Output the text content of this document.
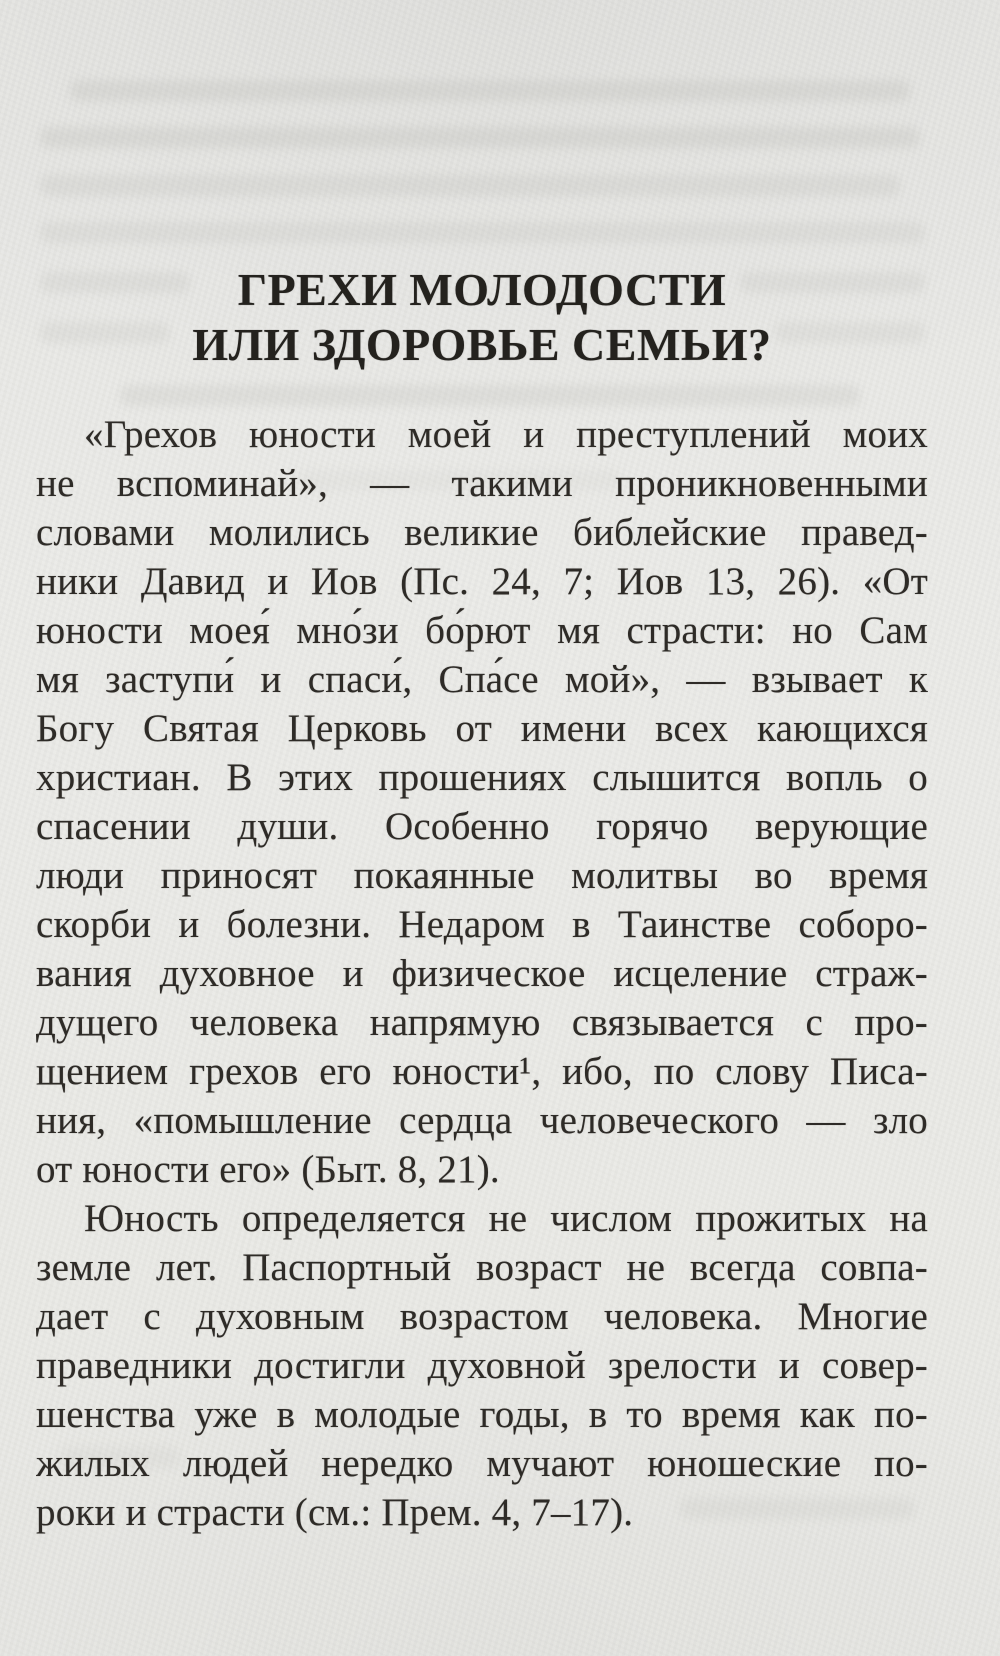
ГРЕХИ МОЛОДОСТИ
ИЛИ ЗДОРОВЬЕ СЕМЬИ?
«Грехов юности моей и преступлений моих
не вспоминай», — такими проникновенными
словами молились великие библейские правед-
ники Давид и Иов (Пс. 24, 7; Иов 13, 26). «От
юности моея́ мно́зи бо́рют мя страсти: но Сам
мя заступи́ и спаси́, Спа́се мой», — взывает к
Богу Святая Церковь от имени всех кающихся
христиан. В этих прошениях слышится вопль о
спасении души. Особенно горячо верующие
люди приносят покаянные молитвы во время
скорби и болезни. Недаром в Таинстве соборо-
вания духовное и физическое исцеление страж-
дущего человека напрямую связывается с про-
щением грехов его юности¹, ибо, по слову Писа-
ния, «помышление сердца человеческого — зло
от юности его» (Быт. 8, 21).
Юность определяется не числом прожитых на
земле лет. Паспортный возраст не всегда совпа-
дает с духовным возрастом человека. Многие
праведники достигли духовной зрелости и совер-
шенства уже в молодые годы, в то время как по-
жилых людей нередко мучают юношеские по-
роки и страсти (см.: Прем. 4, 7–17).
